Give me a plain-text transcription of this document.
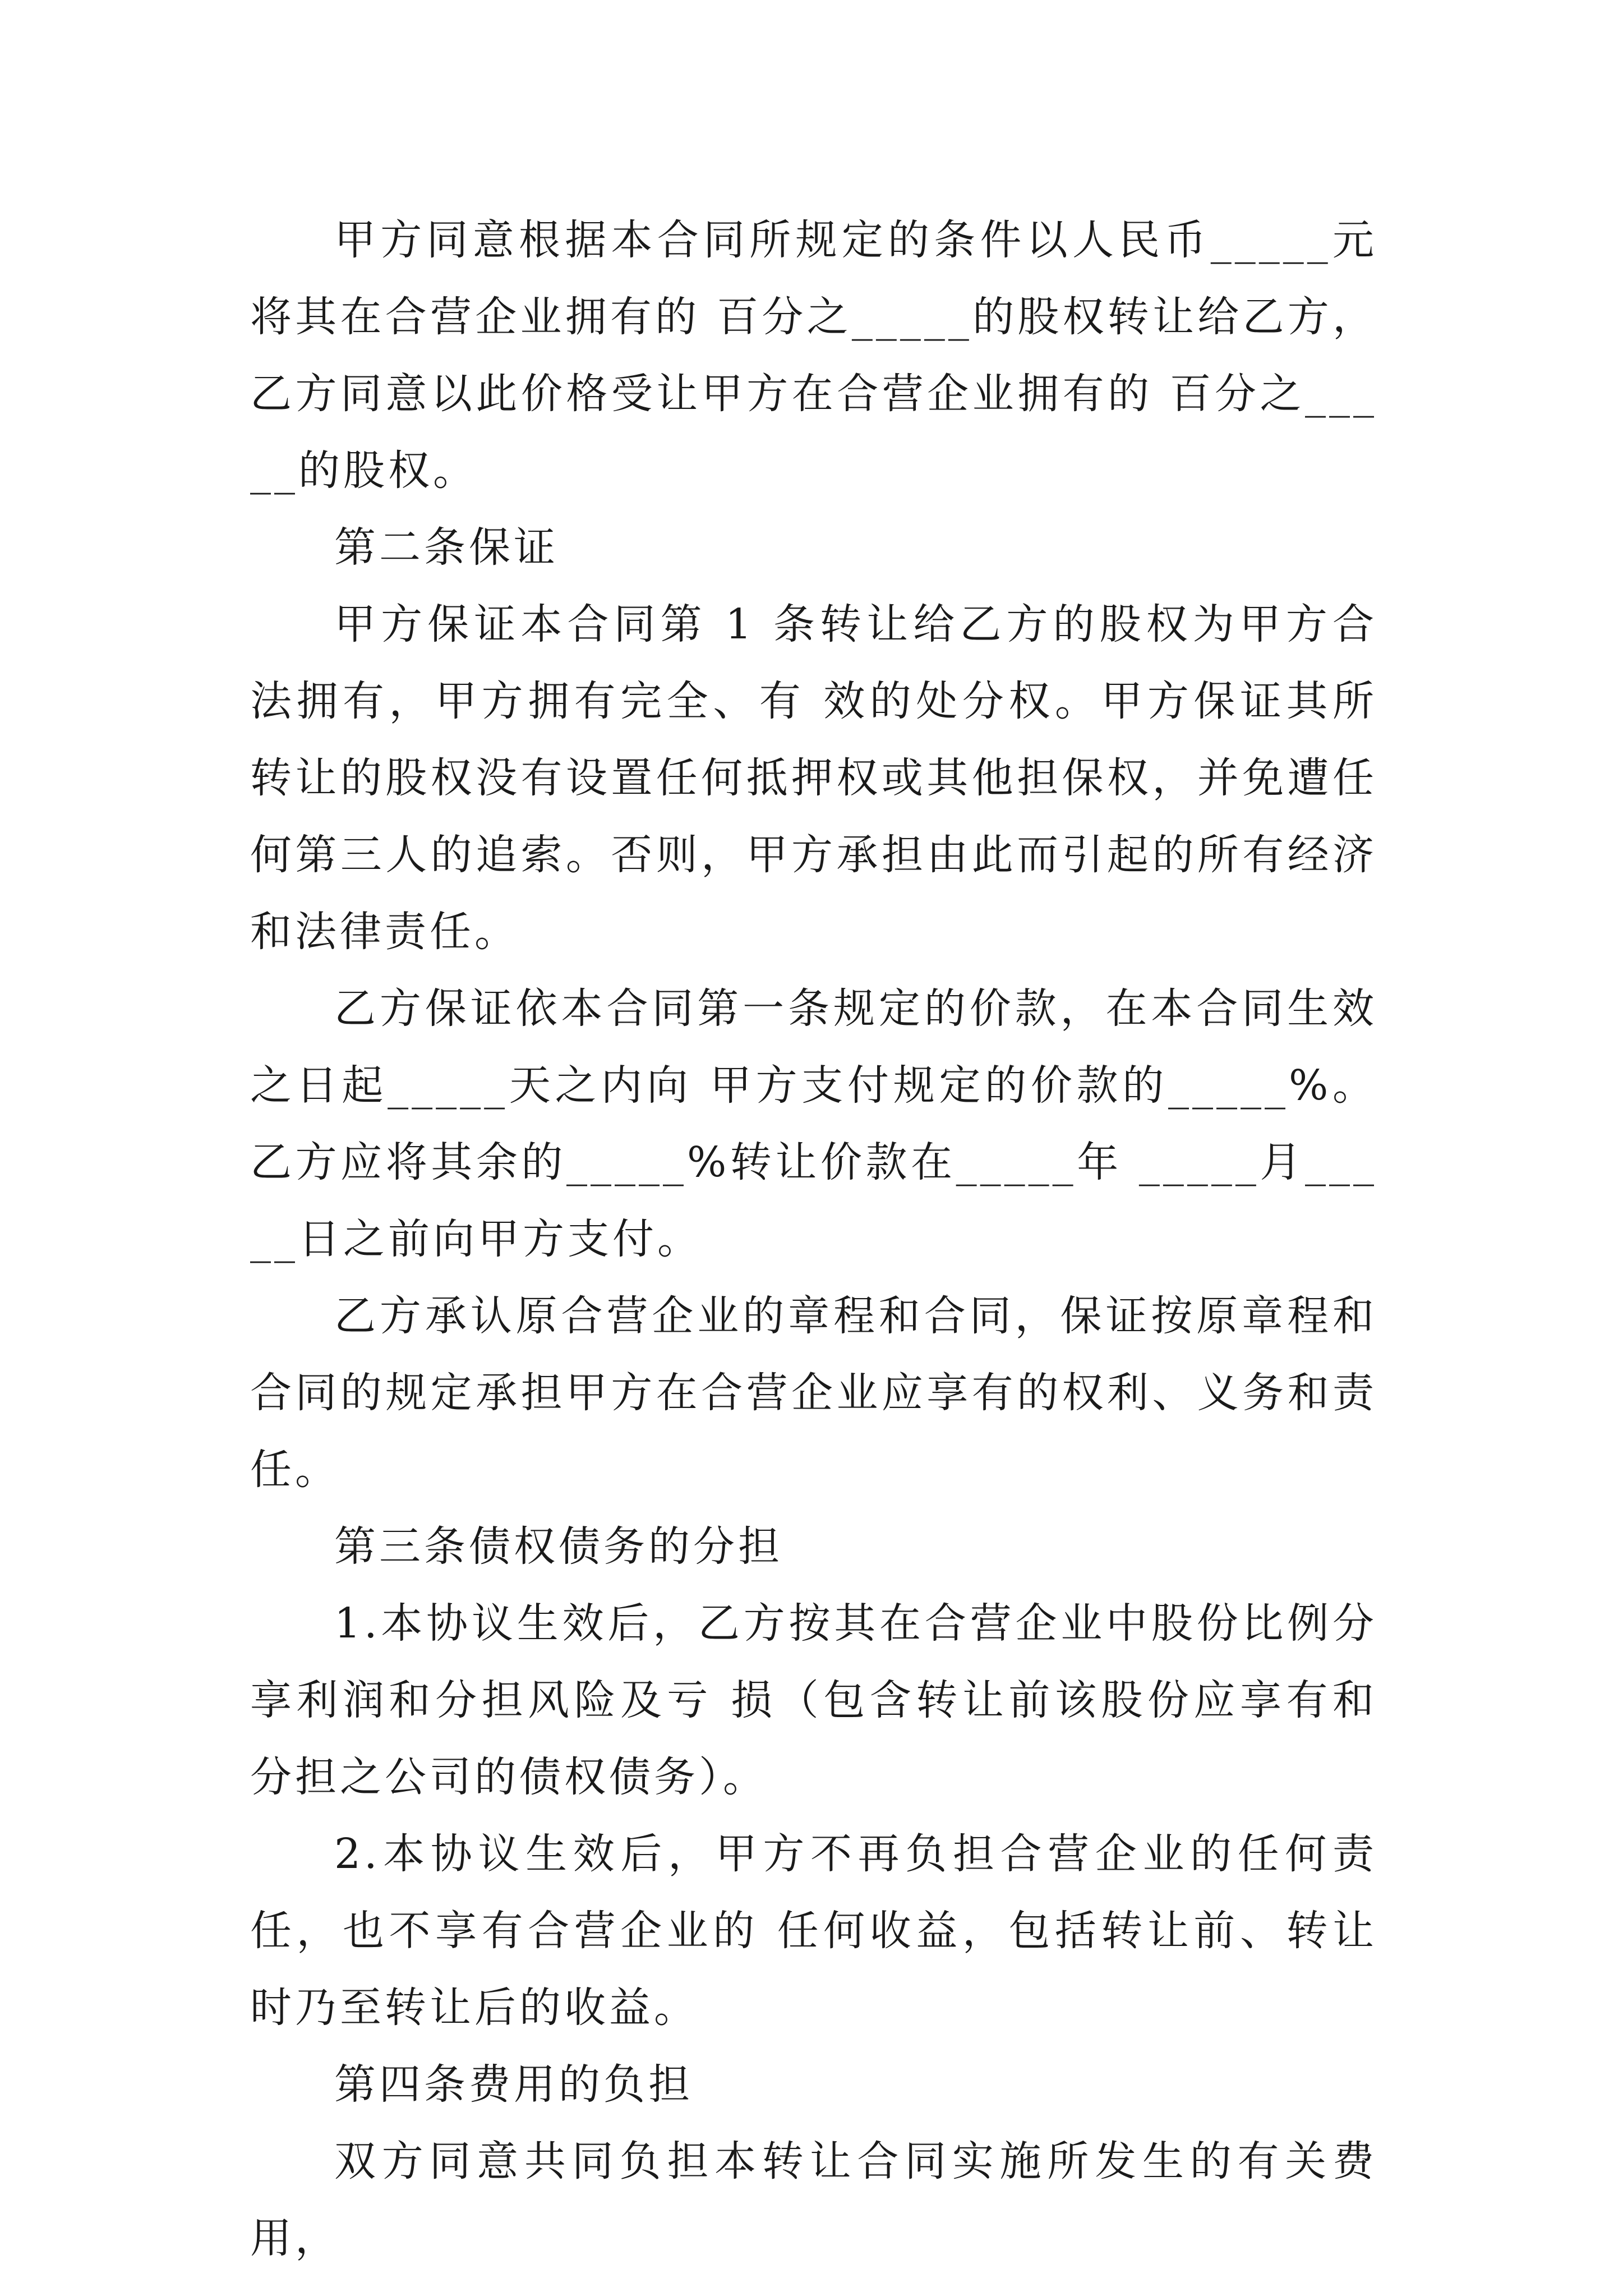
甲方同意根据本合同所规定的条件以人民币_____元将其在合营企业拥有的 百分之_____的股权转让给乙方，乙方同意以此价格受让甲方在合营企业拥有的 百分之_____的股权。

第二条保证

甲方保证本合同第 1 条转让给乙方的股权为甲方合法拥有，甲方拥有完全、有 效的处分权。甲方保证其所转让的股权没有设置任何抵押权或其他担保权，并免遭任何第三人的追索。否则，甲方承担由此而引起的所有经济和法律责任。

乙方保证依本合同第一条规定的价款，在本合同生效之日起_____天之内向 甲方支付规定的价款的_____%。乙方应将其余的_____%转让价款在_____年 _____月_____日之前向甲方支付。

乙方承认原合营企业的章程和合同，保证按原章程和合同的规定承担甲方在合营企业应享有的权利、义务和责任。

第三条债权债务的分担

1.本协议生效后，乙方按其在合营企业中股份比例分享利润和分担风险及亏 损（包含转让前该股份应享有和分担之公司的债权债务）。

2.本协议生效后，甲方不再负担合营企业的任何责任，也不享有合营企业的 任何收益，包括转让前、转让时乃至转让后的收益。

第四条费用的负担

双方同意共同负担本转让合同实施所发生的有关费用，
